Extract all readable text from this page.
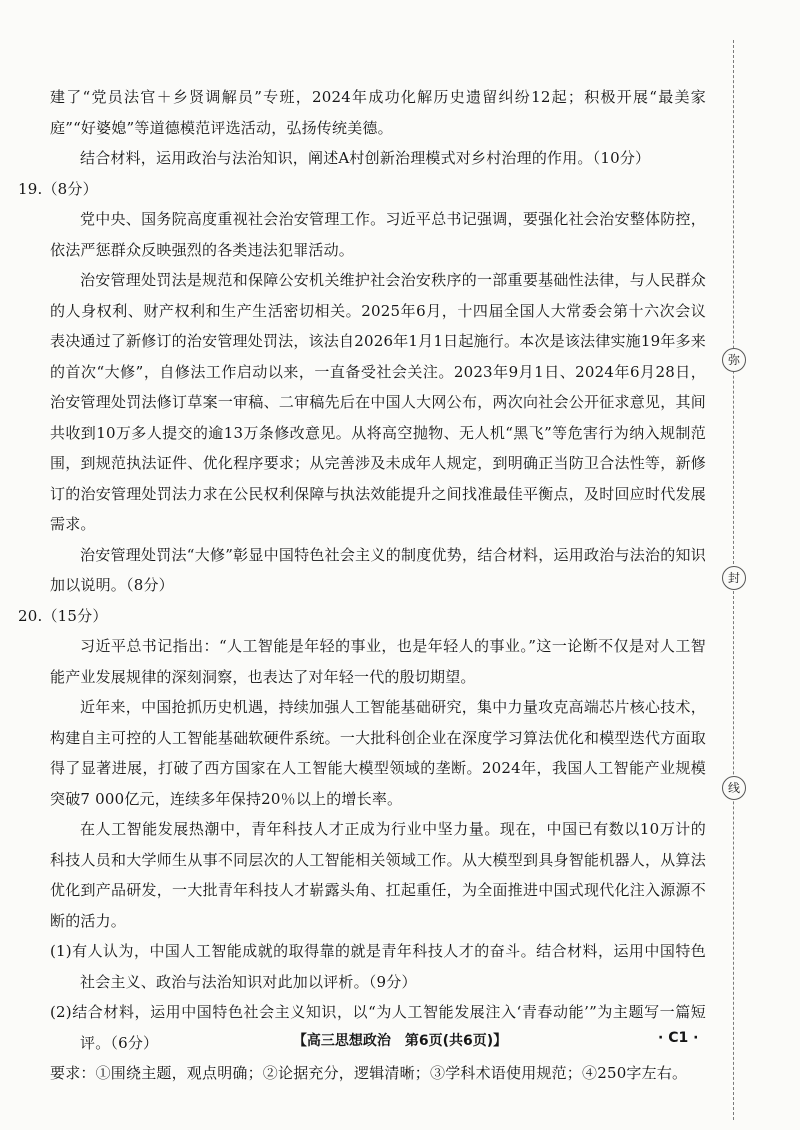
弥
封
线

建了“党员法官＋乡贤调解员”专班，2024年成功化解历史遗留纠纷12起；积极开展“最美家庭”“好婆媳”等道德模范评选活动，弘扬传统美德。

结合材料，运用政治与法治知识，阐述A村创新治理模式对乡村治理的作用。（10分）

19.（8分）

党中央、国务院高度重视社会治安管理工作。习近平总书记强调，要强化社会治安整体防控，依法严惩群众反映强烈的各类违法犯罪活动。

治安管理处罚法是规范和保障公安机关维护社会治安秩序的一部重要基础性法律，与人民群众的人身权利、财产权利和生产生活密切相关。2025年6月，十四届全国人大常委会第十六次会议表决通过了新修订的治安管理处罚法，该法自2026年1月1日起施行。本次是该法律实施19年多来的首次“大修”，自修法工作启动以来，一直备受社会关注。2023年9月1日、2024年6月28日，治安管理处罚法修订草案一审稿、二审稿先后在中国人大网公布，两次向社会公开征求意见，其间共收到10万多人提交的逾13万条修改意见。从将高空抛物、无人机“黑飞”等危害行为纳入规制范围，到规范执法证件、优化程序要求；从完善涉及未成年人规定，到明确正当防卫合法性等，新修订的治安管理处罚法力求在公民权利保障与执法效能提升之间找准最佳平衡点，及时回应时代发展需求。

治安管理处罚法“大修”彰显中国特色社会主义的制度优势，结合材料，运用政治与法治的知识加以说明。（8分）

20.（15分）

习近平总书记指出：“人工智能是年轻的事业，也是年轻人的事业。”这一论断不仅是对人工智能产业发展规律的深刻洞察，也表达了对年轻一代的殷切期望。

近年来，中国抢抓历史机遇，持续加强人工智能基础研究，集中力量攻克高端芯片核心技术，构建自主可控的人工智能基础软硬件系统。一大批科创企业在深度学习算法优化和模型迭代方面取得了显著进展，打破了西方国家在人工智能大模型领域的垄断。2024年，我国人工智能产业规模突破7 000亿元，连续多年保持20％以上的增长率。

在人工智能发展热潮中，青年科技人才正成为行业中坚力量。现在，中国已有数以10万计的科技人员和大学师生从事不同层次的人工智能相关领域工作。从大模型到具身智能机器人，从算法优化到产品研发，一大批青年科技人才崭露头角、扛起重任，为全面推进中国式现代化注入源源不断的活力。

(1)有人认为，中国人工智能成就的取得靠的就是青年科技人才的奋斗。结合材料，运用中国特色社会主义、政治与法治知识对此加以评析。（9分）

(2)结合材料，运用中国特色社会主义知识，以“为人工智能发展注入‘青春动能’”为主题写一篇短评。（6分）

要求：①围绕主题，观点明确；②论据充分，逻辑清晰；③学科术语使用规范；④250字左右。

【高三思想政治　第6页(共6页)】	· C1 ·
